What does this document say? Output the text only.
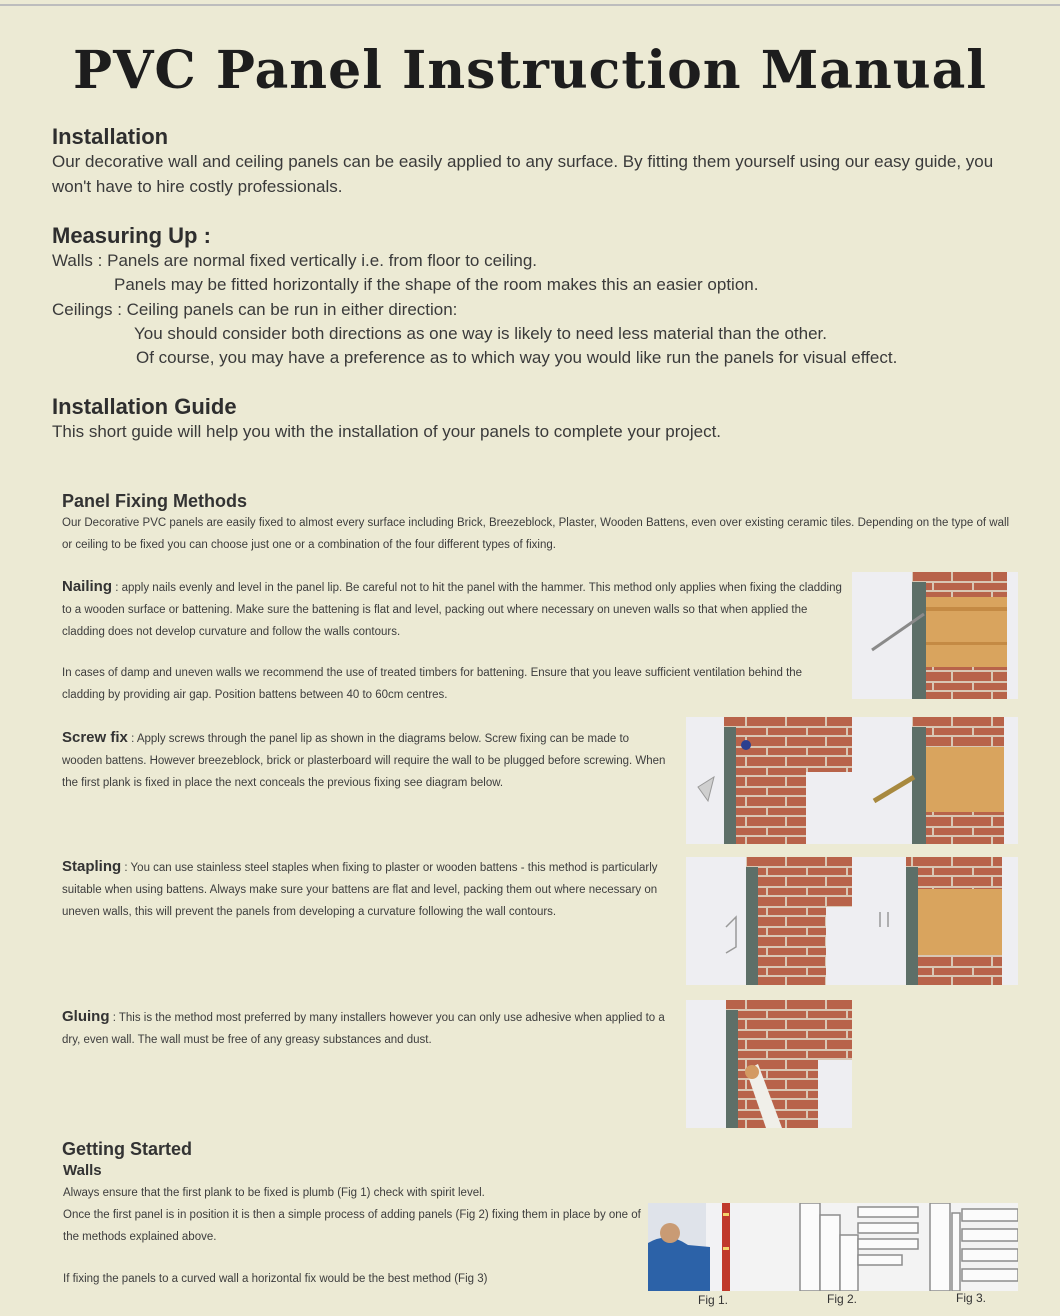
PVC Panel Instruction Manual
Installation

Our decorative wall and ceiling panels can be easily applied to any surface. By fitting them yourself using our easy guide, you won't have to hire costly professionals.

Measuring Up :

Walls : Panels are normal fixed vertically i.e. from floor to ceiling.

Panels may be fitted horizontally if the shape of the room makes this an easier option.

Ceilings : Ceiling panels can be run in either direction:

You should consider both directions as one way is likely to need less material than the other.

Of course, you may have a preference as to which way you would like run the panels for visual effect.

Installation Guide

This short guide will help you with the installation of your panels to complete your project.

Panel Fixing Methods

Our Decorative PVC panels are easily fixed to almost every surface including Brick, Breezeblock, Plaster, Wooden Battens, even over existing ceramic tiles. Depending on the type of wall or ceiling to be fixed you can choose just one or a combination of the four different types of fixing.

Nailing : apply nails evenly and level in the panel lip. Be careful not to hit the panel with the hammer. This method only applies when fixing the cladding to a wooden surface or battening. Make sure the battening is flat and level, packing out where necessary on uneven walls so that when applied the cladding does not develop curvature and follow the walls contours.

In cases of damp and uneven walls we recommend the use of treated timbers for battening. Ensure that you leave sufficient ventilation behind the cladding by providing air gap. Position battens between 40 to 60cm centres.

Screw fix : Apply screws through the panel lip as shown in the diagrams below. Screw fixing can be made to wooden battens. However breezeblock, brick or plasterboard will require the wall to be plugged before screwing. When the first plank is fixed in place the next conceals the previous fixing see diagram below.

Stapling : You can use stainless steel staples when fixing to plaster or wooden battens - this method is particularly suitable when using battens. Always make sure your battens are flat and level, packing them out where necessary on uneven walls, this will prevent the panels from developing a curvature following the wall contours.

Gluing : This is the method most preferred by many installers however you can only use adhesive when applied to a dry, even wall. The wall must be free of any greasy substances and dust.

Getting Started

Walls

Always ensure that the first plank to be fixed is plumb (Fig 1) check with spirit level.

Once the first panel is in position it is then a simple process of adding panels (Fig 2) fixing them in place by one of the methods explained above.

If fixing the panels to a curved wall a horizontal fix would be the best method (Fig 3)

Fig 1.	Fig 2.	Fig 3.
